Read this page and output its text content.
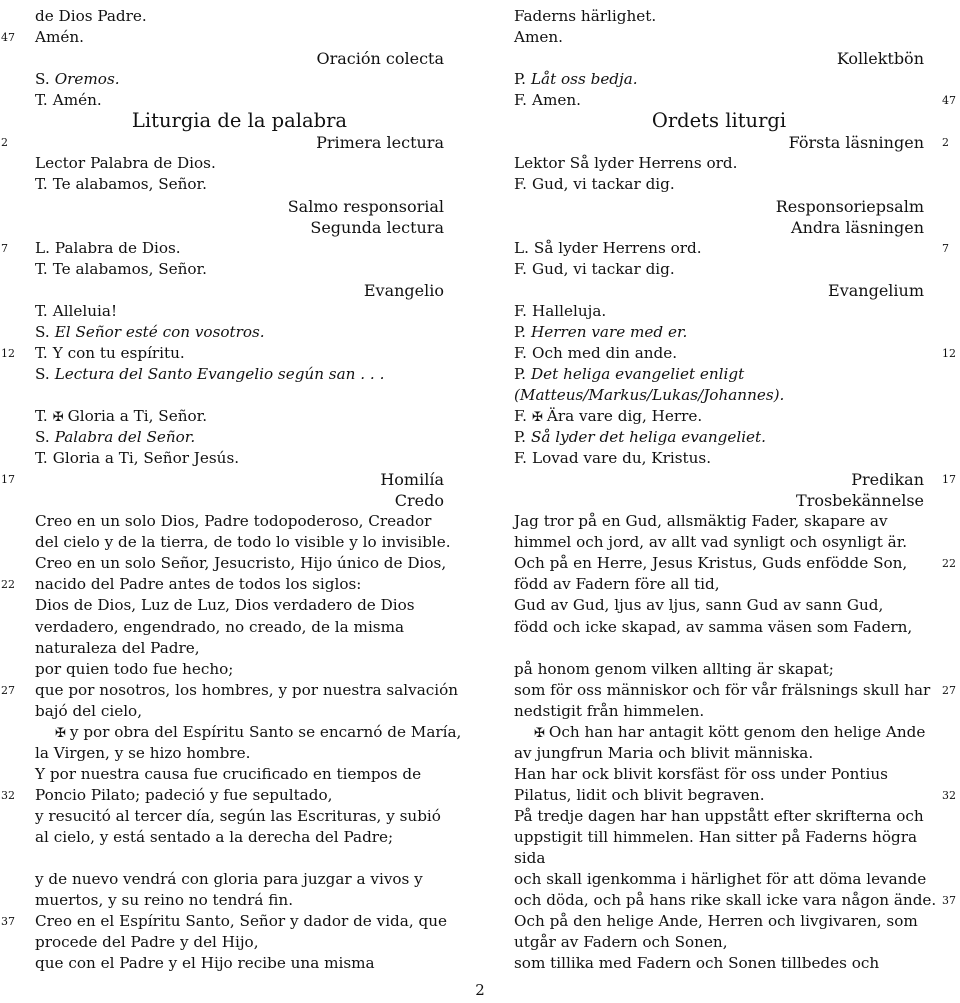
de Dios Padre.
Amén.
Oración colecta
S. Oremos.
T. Amén.
Liturgia de la palabra
Primera lectura
Lector Palabra de Dios.
T. Te alabamos, Señor.
Salmo responsorial
Segunda lectura
L. Palabra de Dios.
T. Te alabamos, Señor.
Evangelio
T. Alleluia!
S. El Señor esté con vosotros.
T. Y con tu espíritu.
S. Lectura del Santo Evangelio según san . . .
T. ✠ Gloria a Ti, Señor.
S. Palabra del Señor.
T. Gloria a Ti, Señor Jesús.
Homilía
Credo
Creo en un solo Dios, Padre todopoderoso, Creador
del cielo y de la tierra, de todo lo visible y lo invisible.
Creo en un solo Señor, Jesucristo, Hijo único de Dios,
nacido del Padre antes de todos los siglos:
Dios de Dios, Luz de Luz, Dios verdadero de Dios
verdadero, engendrado, no creado, de la misma
naturaleza del Padre,
por quien todo fue hecho;
que por nosotros, los hombres, y por nuestra salvación
bajó del cielo,
✠ y por obra del Espíritu Santo se encarnó de María,
la Virgen, y se hizo hombre.
Y por nuestra causa fue crucificado en tiempos de
Poncio Pilato; padeció y fue sepultado,
y resucitó al tercer día, según las Escrituras, y subió
al cielo, y está sentado a la derecha del Padre;
y de nuevo vendrá con gloria para juzgar a vivos y
muertos, y su reino no tendrá fin.
Creo en el Espíritu Santo, Señor y dador de vida, que
procede del Padre y del Hijo,
que con el Padre y el Hijo recibe una misma
Faderns härlighet.
Amen.
Kollektbön
P. Låt oss bedja.
F. Amen.
Ordets liturgi
Första läsningen
Lektor Så lyder Herrens ord.
F. Gud, vi tackar dig.
Responsoriepsalm
Andra läsningen
L. Så lyder Herrens ord.
F. Gud, vi tackar dig.
Evangelium
F. Halleluja.
P. Herren vare med er.
F. Och med din ande.
P. Det heliga evangeliet enligt
(Matteus/Markus/Lukas/Johannes).
F. ✠ Ära vare dig, Herre.
P. Så lyder det heliga evangeliet.
F. Lovad vare du, Kristus.
Predikan
Trosbekännelse
Jag tror på en Gud, allsmäktig Fader, skapare av
himmel och jord, av allt vad synligt och osynligt är.
Och på en Herre, Jesus Kristus, Guds enfödde Son,
född av Fadern före all tid,
Gud av Gud, ljus av ljus, sann Gud av sann Gud,
född och icke skapad, av samma väsen som Fadern,
på honom genom vilken allting är skapat;
som för oss människor och för vår frälsnings skull har
nedstigit från himmelen.
✠ Och han har antagit kött genom den helige Ande
av jungfrun Maria och blivit människa.
Han har ock blivit korsfäst för oss under Pontius
Pilatus, lidit och blivit begraven.
På tredje dagen har han uppstått efter skrifterna och
uppstigit till himmelen. Han sitter på Faderns högra
sida
och skall igenkomma i härlighet för att döma levande
och döda, och på hans rike skall icke vara någon ände.
Och på den helige Ande, Herren och livgivaren, som
utgår av Fadern och Sonen,
som tillika med Fadern och Sonen tillbedes och
47
2
7
12
17
22
27
32
37
47
2
7
12
17
22
27
32
37
2
